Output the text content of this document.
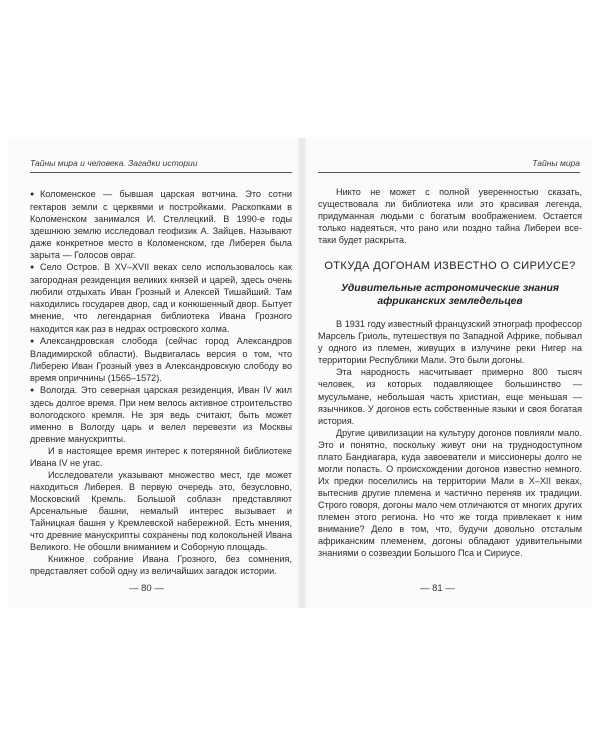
Тайны мира и человека. Загадки истории	Тайны мира

● Коломенское — бывшая царская вотчина. Это сотни гектаров земли с церквями и постройками. Раскопками в Коломенском занимался И. Стеллецкий. В 1990-е годы здешнюю землю исследовал геофизик А. Зайцев. Называют даже конкретное место в Коломенском, где Либерея была зарыта — Голосов овраг.

● Село Остров. В XV–XVII веках село использовалось как загородная резиденция великих князей и царей, здесь очень любили отдыхать Иван Грозный и Алексей Тишайший. Там находились государев двор, сад и конюшенный двор. Бытует мнение, что легендарная библиотека Ивана Грозного находится как раз в недрах островского холма.

● Александровская слобода (сейчас город Александров Владимирской области). Выдвигалась версия о том, что Либерею Иван Грозный увез в Александровскую слободу во время опричнины (1565–1572).

● Вологда. Это северная царская резиденция, Иван IV жил здесь долгое время. При нем велось активное строительство вологодского кремля. Не зря ведь считают, быть может именно в Вологду царь и велел перевезти из Москвы древние манускрипты.

И в настоящее время интерес к потерянной библиотеке Ивана IV не угас.

Исследователи указывают множество мест, где может находиться Либерея. В первую очередь это, безусловно, Московский Кремль. Большой соблазн представляют Арсенальные башни, немалый интерес вызывает и Тайницкая башня у Кремлевской набережной. Есть мнения, что древние манускрипты сохранены под колокольней Ивана Великого. Не обошли вниманием и Соборную площадь.

Книжное собрание Ивана Грозного, без сомнения, представляет собой одну из величайших загадок истории.

Никто не может с полной уверенностью сказать, существовала ли библиотека или это красивая легенда, придуманная людьми с богатым воображением. Остается только надеяться, что рано или поздно тайна Либереи все-таки будет раскрыта.

ОТКУДА ДОГОНАМ ИЗВЕСТНО О СИРИУСЕ?
Удивительные астрономические знания африканских земледельцев

В 1931 году известный французский этнограф профессор Марсель Гриоль, путешествуя по Западной Африке, побывал у одного из племен, живущих в излучине реки Нигер на территории Республики Мали. Это были догоны.

Эта народность насчитывает примерно 800 тысяч человек, из которых подавляющее большинство — мусульмане, небольшая часть христиан, еще меньшая — язычников. У догонов есть собственные языки и своя богатая история.

Другие цивилизации на культуру догонов повлияли мало. Это и понятно, поскольку живут они на труднодоступном плато Бандиагара, куда завоеватели и миссионеры долго не могли попасть. О происхождении догонов известно немного. Их предки поселились на территории Мали в X–XII веках, вытеснив другие племена и частично переняв их традиции. Строго говоря, догоны мало чем отличаются от многих других племен этого региона. Но что же тогда привлекает к ним внимание? Дело в том, что, будучи довольно отсталым африканским племенем, догоны обладают удивительными знаниями о созвездии Большого Пса и Сириусе.

— 80 —	— 81 —
